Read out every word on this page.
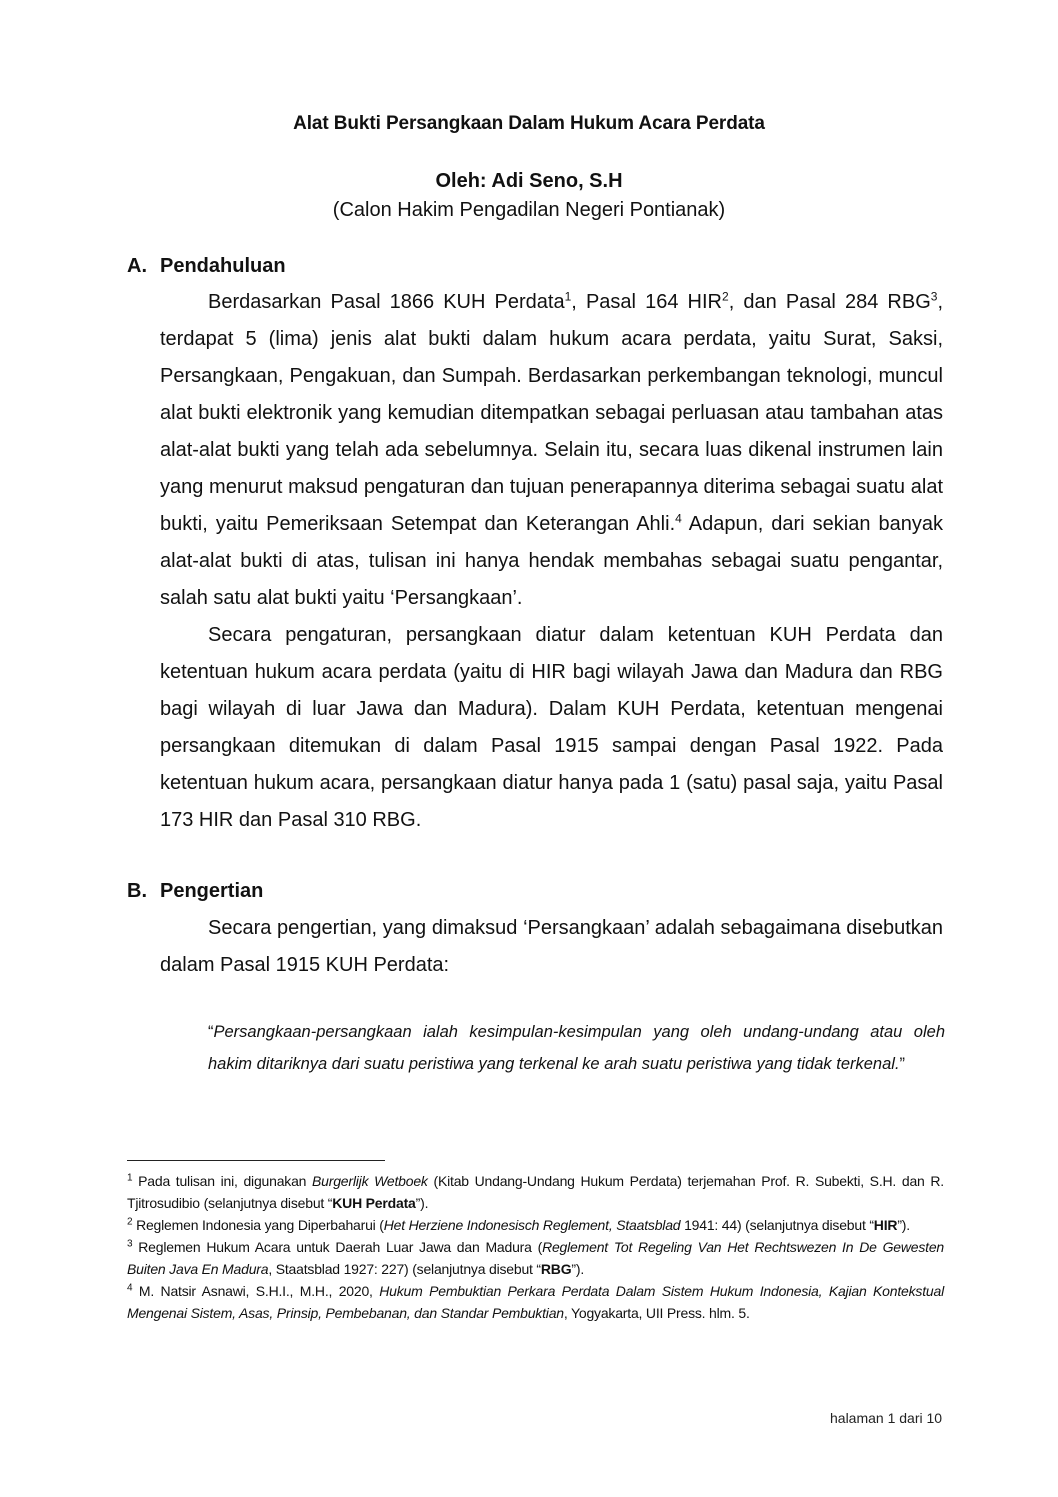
Alat Bukti Persangkaan Dalam Hukum Acara Perdata
Oleh: Adi Seno, S.H
(Calon Hakim Pengadilan Negeri Pontianak)
A. Pendahuluan

Berdasarkan Pasal 1866 KUH Perdata$^1$, Pasal 164 HIR$^2$, dan Pasal 284 RBG$^3$, terdapat 5 (lima) jenis alat bukti dalam hukum acara perdata, yaitu Surat, Saksi, Persangkaan, Pengakuan, dan Sumpah. Berdasarkan perkembangan teknologi, muncul alat bukti elektronik yang kemudian ditempatkan sebagai perluasan atau tambahan atas alat-alat bukti yang telah ada sebelumnya. Selain itu, secara luas dikenal instrumen lain yang menurut maksud pengaturan dan tujuan penerapannya diterima sebagai suatu alat bukti, yaitu Pemeriksaan Setempat dan Keterangan Ahli.$^4$ Adapun, dari sekian banyak alat-alat bukti di atas, tulisan ini hanya hendak membahas sebagai suatu pengantar, salah satu alat bukti yaitu ‘Persangkaan’.

Secara pengaturan, persangkaan diatur dalam ketentuan KUH Perdata dan ketentuan hukum acara perdata (yaitu di HIR bagi wilayah Jawa dan Madura dan RBG bagi wilayah di luar Jawa dan Madura). Dalam KUH Perdata, ketentuan mengenai persangkaan ditemukan di dalam Pasal 1915 sampai dengan Pasal 1922. Pada ketentuan hukum acara, persangkaan diatur hanya pada 1 (satu) pasal saja, yaitu Pasal 173 HIR dan Pasal 310 RBG.

B. Pengertian

Secara pengertian, yang dimaksud ‘Persangkaan’ adalah sebagaimana disebutkan dalam Pasal 1915 KUH Perdata:

“Persangkaan-persangkaan ialah kesimpulan-kesimpulan yang oleh undang-undang atau oleh hakim ditariknya dari suatu peristiwa yang terkenal ke arah suatu peristiwa yang tidak terkenal.”

$^1$ Pada tulisan ini, digunakan Burgerlijk Wetboek (Kitab Undang-Undang Hukum Perdata) terjemahan Prof. R. Subekti, S.H. dan R. Tjitrosudibio (selanjutnya disebut “KUH Perdata”).

$^2$ Reglemen Indonesia yang Diperbaharui (Het Herziene Indonesisch Reglement, Staatsblad 1941: 44) (selanjutnya disebut “HIR”).

$^3$ Reglemen Hukum Acara untuk Daerah Luar Jawa dan Madura (Reglement Tot Regeling Van Het Rechtswezen In De Gewesten Buiten Java En Madura, Staatsblad 1927: 227) (selanjutnya disebut “RBG”).

$^4$ M. Natsir Asnawi, S.H.I., M.H., 2020, Hukum Pembuktian Perkara Perdata Dalam Sistem Hukum Indonesia, Kajian Kontekstual Mengenai Sistem, Asas, Prinsip, Pembebanan, dan Standar Pembuktian, Yogyakarta, UII Press. hlm. 5.

halaman 1 dari 10
